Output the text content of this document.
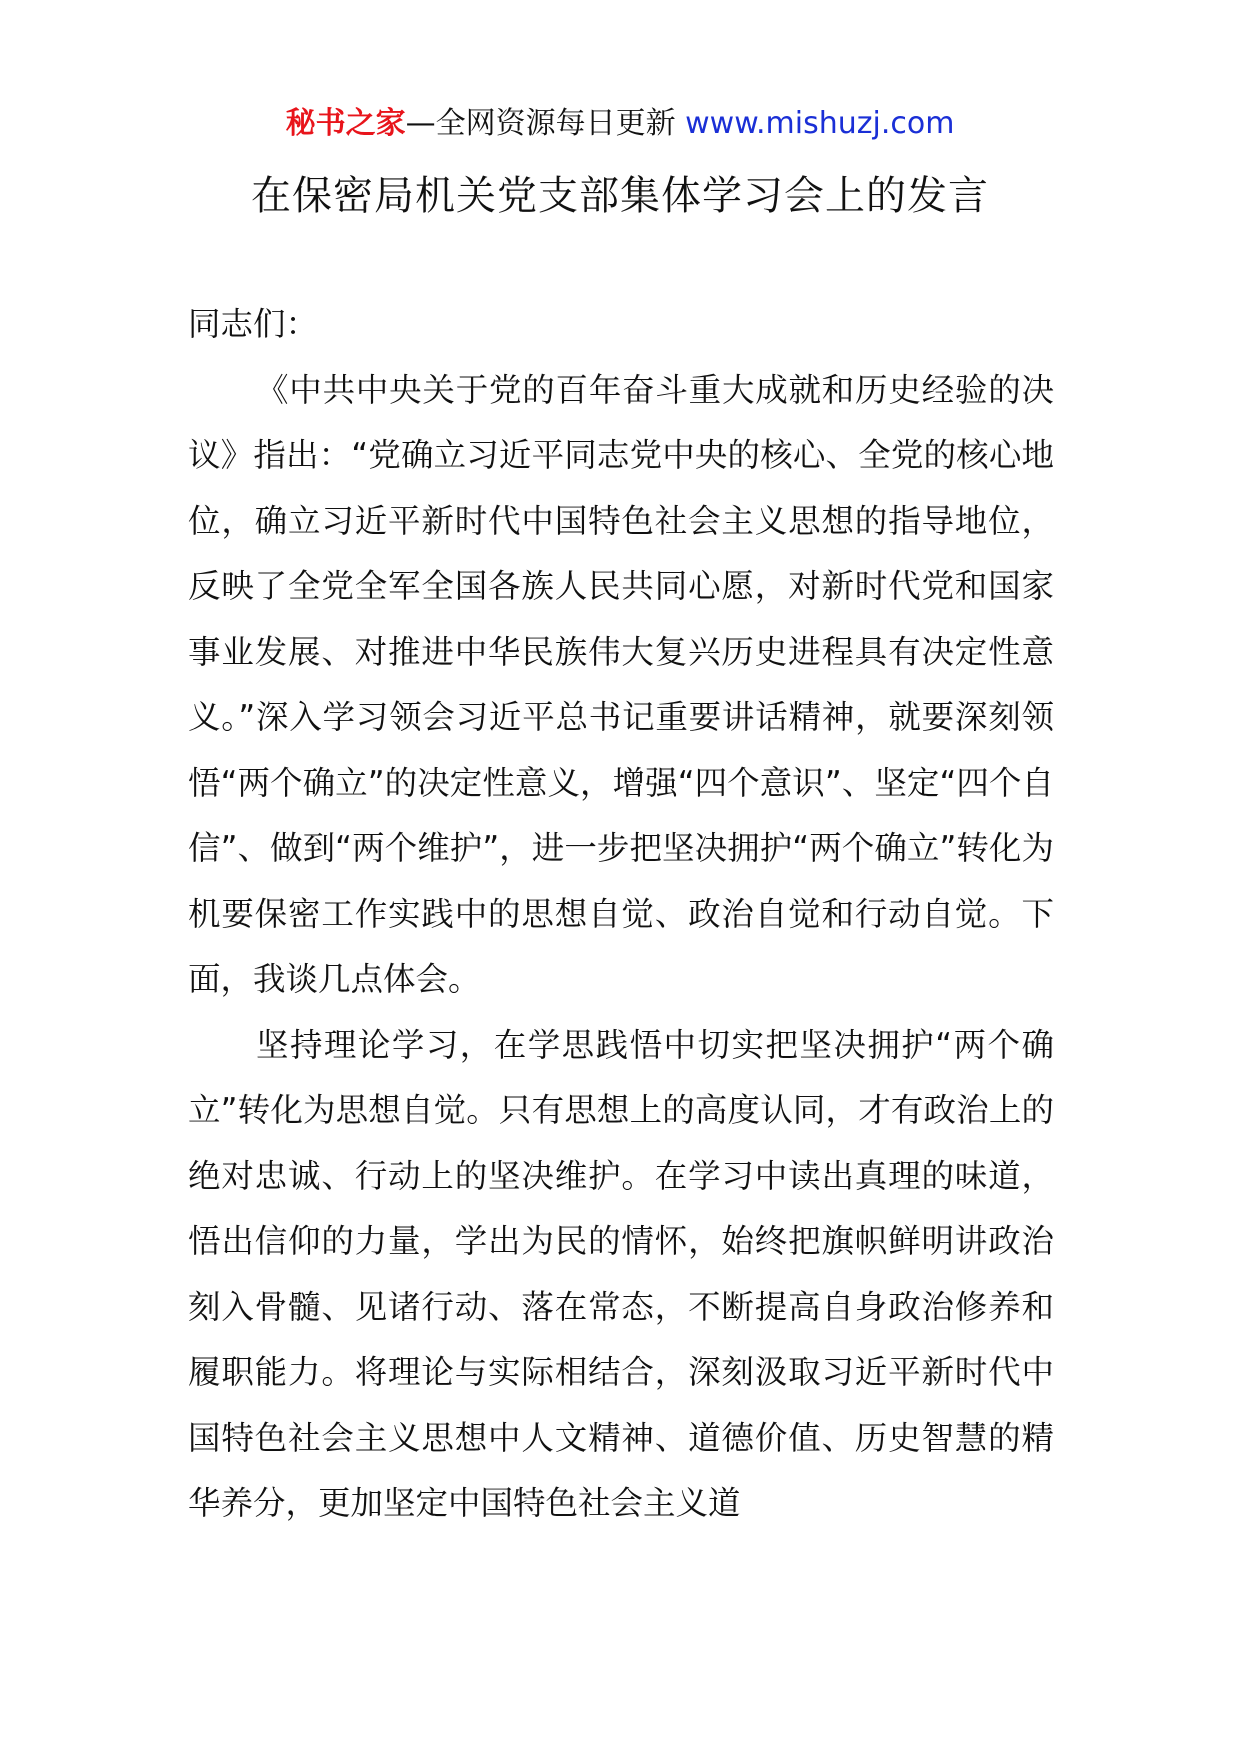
秘书之家—全网资源每日更新 www.mishuzj.com
在保密局机关党支部集体学习会上的发言

同志们：

《中共中央关于党的百年奋斗重大成就和历史经验的决议》指出：“党确立习近平同志党中央的核心、全党的核心地位，确立习近平新时代中国特色社会主义思想的指导地位，反映了全党全军全国各族人民共同心愿，对新时代党和国家事业发展、对推进中华民族伟大复兴历史进程具有决定性意义。”深入学习领会习近平总书记重要讲话精神，就要深刻领悟“两个确立”的决定性意义，增强“四个意识”、坚定“四个自信”、做到“两个维护”，进一步把坚决拥护“两个确立”转化为机要保密工作实践中的思想自觉、政治自觉和行动自觉。下面，我谈几点体会。

坚持理论学习，在学思践悟中切实把坚决拥护“两个确立”转化为思想自觉。只有思想上的高度认同，才有政治上的绝对忠诚、行动上的坚决维护。在学习中读出真理的味道，悟出信仰的力量，学出为民的情怀，始终把旗帜鲜明讲政治刻入骨髓、见诸行动、落在常态，不断提高自身政治修养和履职能力。将理论与实际相结合，深刻汲取习近平新时代中国特色社会主义思想中人文精神、道德价值、历史智慧的精华养分，更加坚定中国特色社会主义道
